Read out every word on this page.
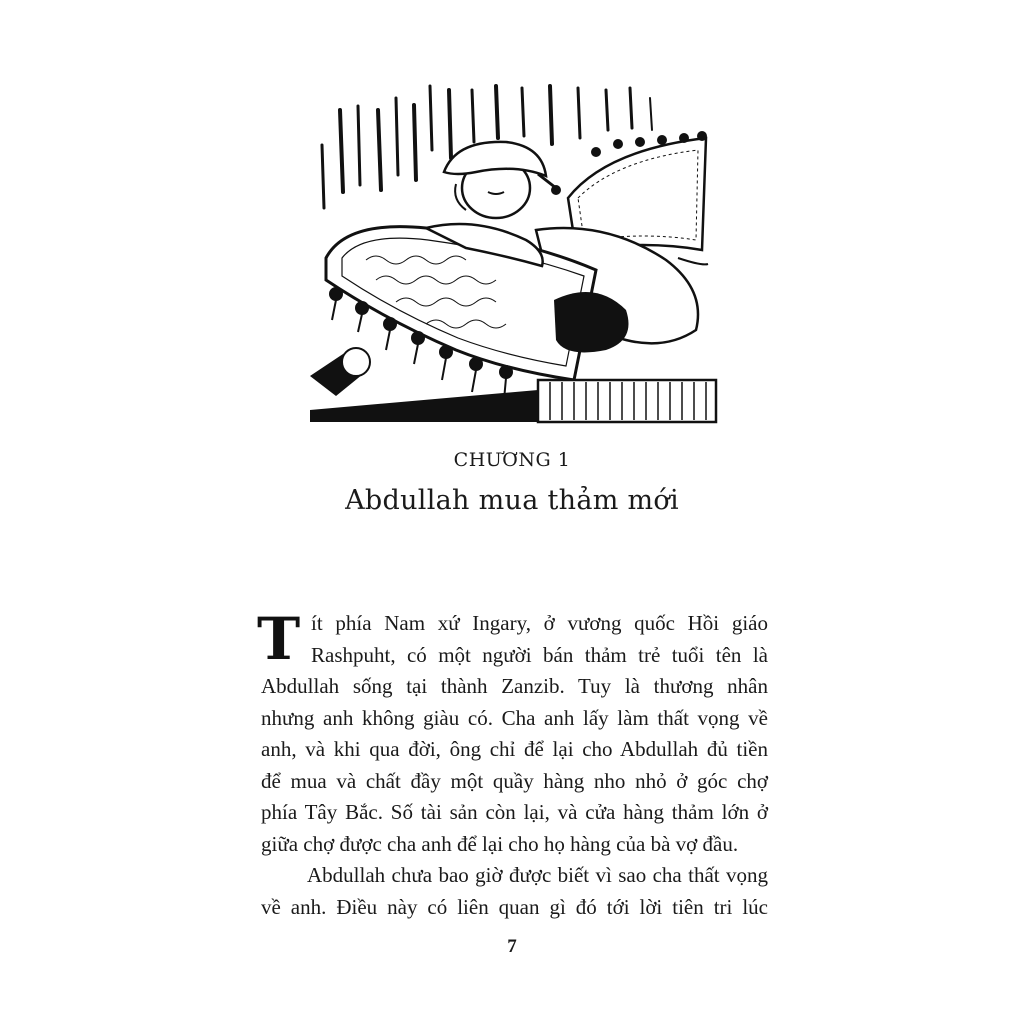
CHƯƠNG 1
Abdullah mua thảm mới
T ít phía Nam xứ Ingary, ở vương quốc Hồi giáo
Rashpuht, có một người bán thảm trẻ tuổi tên là
Abdullah sống tại thành Zanzib. Tuy là thương nhân
nhưng anh không giàu có. Cha anh lấy làm thất vọng về
anh, và khi qua đời, ông chỉ để lại cho Abdullah đủ tiền
để mua và chất đầy một quầy hàng nho nhỏ ở góc chợ
phía Tây Bắc. Số tài sản còn lại, và cửa hàng thảm lớn ở
giữa chợ được cha anh để lại cho họ hàng của bà vợ đầu.
Abdullah chưa bao giờ được biết vì sao cha thất vọng
về anh. Điều này có liên quan gì đó tới lời tiên tri lúc
7
